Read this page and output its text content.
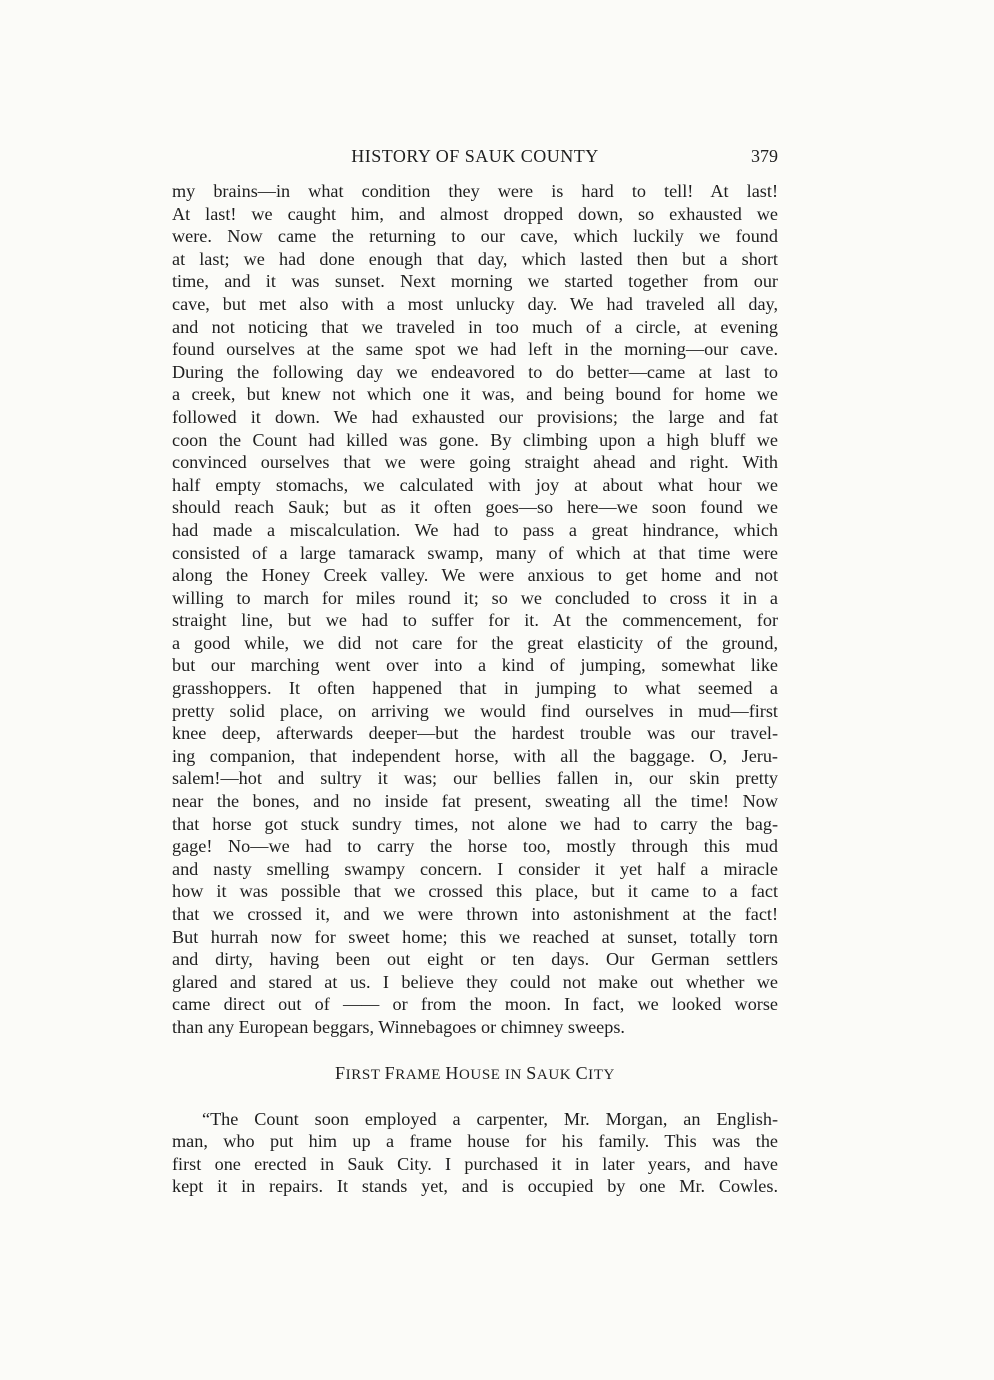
HISTORY OF SAUK COUNTY	379

my brains—in what condition they were is hard to tell! At last!
At last! we caught him, and almost dropped down, so exhausted we
were. Now came the returning to our cave, which luckily we found
at last; we had done enough that day, which lasted then but a short
time, and it was sunset. Next morning we started together from our
cave, but met also with a most unlucky day. We had traveled all day,
and not noticing that we traveled in too much of a circle, at evening
found ourselves at the same spot we had left in the morning—our cave.
During the following day we endeavored to do better—came at last to
a creek, but knew not which one it was, and being bound for home we
followed it down. We had exhausted our provisions; the large and fat
coon the Count had killed was gone. By climbing upon a high bluff we
convinced ourselves that we were going straight ahead and right. With
half empty stomachs, we calculated with joy at about what hour we
should reach Sauk; but as it often goes—so here—we soon found we
had made a miscalculation. We had to pass a great hindrance, which
consisted of a large tamarack swamp, many of which at that time were
along the Honey Creek valley. We were anxious to get home and not
willing to march for miles round it; so we concluded to cross it in a
straight line, but we had to suffer for it. At the commencement, for
a good while, we did not care for the great elasticity of the ground,
but our marching went over into a kind of jumping, somewhat like
grasshoppers. It often happened that in jumping to what seemed a
pretty solid place, on arriving we would find ourselves in mud—first
knee deep, afterwards deeper—but the hardest trouble was our travel-
ing companion, that independent horse, with all the baggage. O, Jeru-
salem!—hot and sultry it was; our bellies fallen in, our skin pretty
near the bones, and no inside fat present, sweating all the time! Now
that horse got stuck sundry times, not alone we had to carry the bag-
gage! No—we had to carry the horse too, mostly through this mud
and nasty smelling swampy concern. I consider it yet half a miracle
how it was possible that we crossed this place, but it came to a fact
that we crossed it, and we were thrown into astonishment at the fact!
But hurrah now for sweet home; this we reached at sunset, totally torn
and dirty, having been out eight or ten days. Our German settlers
glared and stared at us. I believe they could not make out whether we
came direct out of —— or from the moon. In fact, we looked worse
than any European beggars, Winnebagoes or chimney sweeps.

FIRST FRAME HOUSE IN SAUK CITY

“The Count soon employed a carpenter, Mr. Morgan, an English-
man, who put him up a frame house for his family. This was the
first one erected in Sauk City. I purchased it in later years, and have
kept it in repairs. It stands yet, and is occupied by one Mr. Cowles.
